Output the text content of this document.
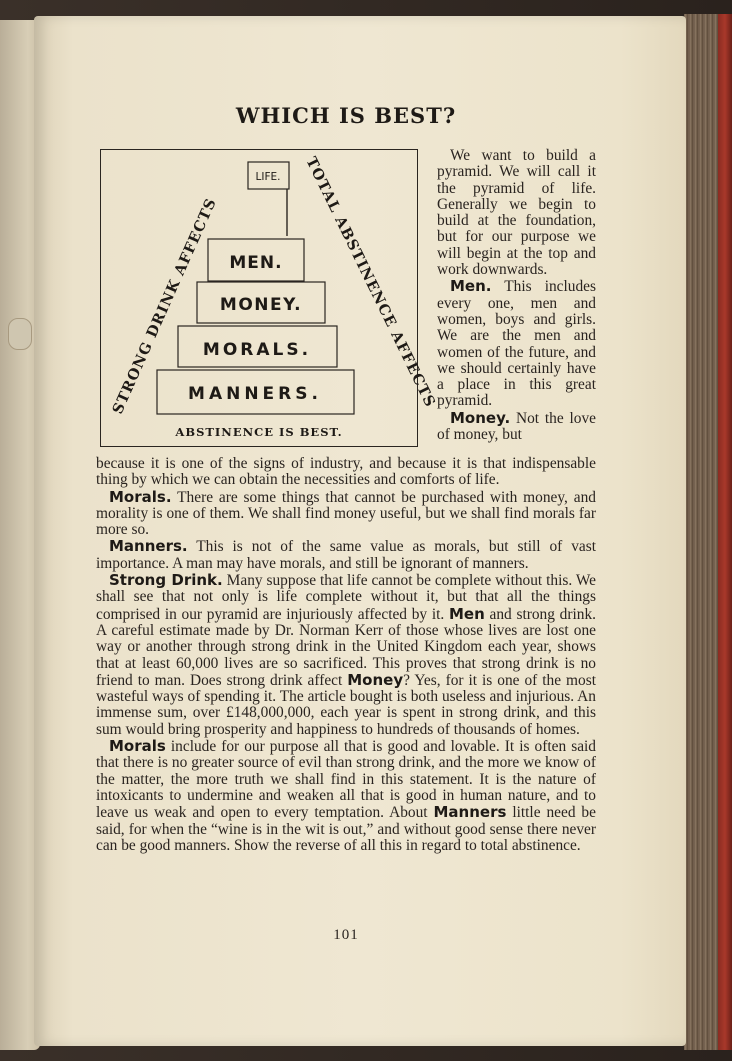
WHICH IS BEST?
LIFE.
MEN.
MONEY.
MORALS.
MANNERS.
STRONG DRINK AFFECTS	TOTAL ABSTINENCE AFFECTS
ABSTINENCE IS BEST.

We want to build a pyramid. We will call it the pyramid of life. Generally we begin to build at the foundation, but for our purpose we will begin at the top and work downwards.

Men. This includes every one, men and women, boys and girls. We are the men and women of the future, and we should certainly have a place in this great pyramid.

Money. Not the love of money, but

because it is one of the signs of industry, and because it is that indispensable thing by which we can obtain the necessities and comforts of life.

Morals. There are some things that cannot be purchased with money, and morality is one of them. We shall find money useful, but we shall find morals far more so.

Manners. This is not of the same value as morals, but still of vast importance. A man may have morals, and still be ignorant of manners.

Strong Drink. Many suppose that life cannot be complete without this. We shall see that not only is life complete without it, but that all the things comprised in our pyramid are injuriously affected by it. Men and strong drink. A careful estimate made by Dr. Norman Kerr of those whose lives are lost one way or another through strong drink in the United Kingdom each year, shows that at least 60,000 lives are so sacrificed. This proves that strong drink is no friend to man. Does strong drink affect Money? Yes, for it is one of the most wasteful ways of spending it. The article bought is both useless and injurious. An immense sum, over £148,000,000, each year is spent in strong drink, and this sum would bring prosperity and happiness to hundreds of thousands of homes.

Morals include for our purpose all that is good and lovable. It is often said that there is no greater source of evil than strong drink, and the more we know of the matter, the more truth we shall find in this statement. It is the nature of intoxicants to undermine and weaken all that is good in human nature, and to leave us weak and open to every temptation. About Manners little need be said, for when the “wine is in the wit is out,” and without good sense there never can be good manners. Show the reverse of all this in regard to total abstinence.

101
